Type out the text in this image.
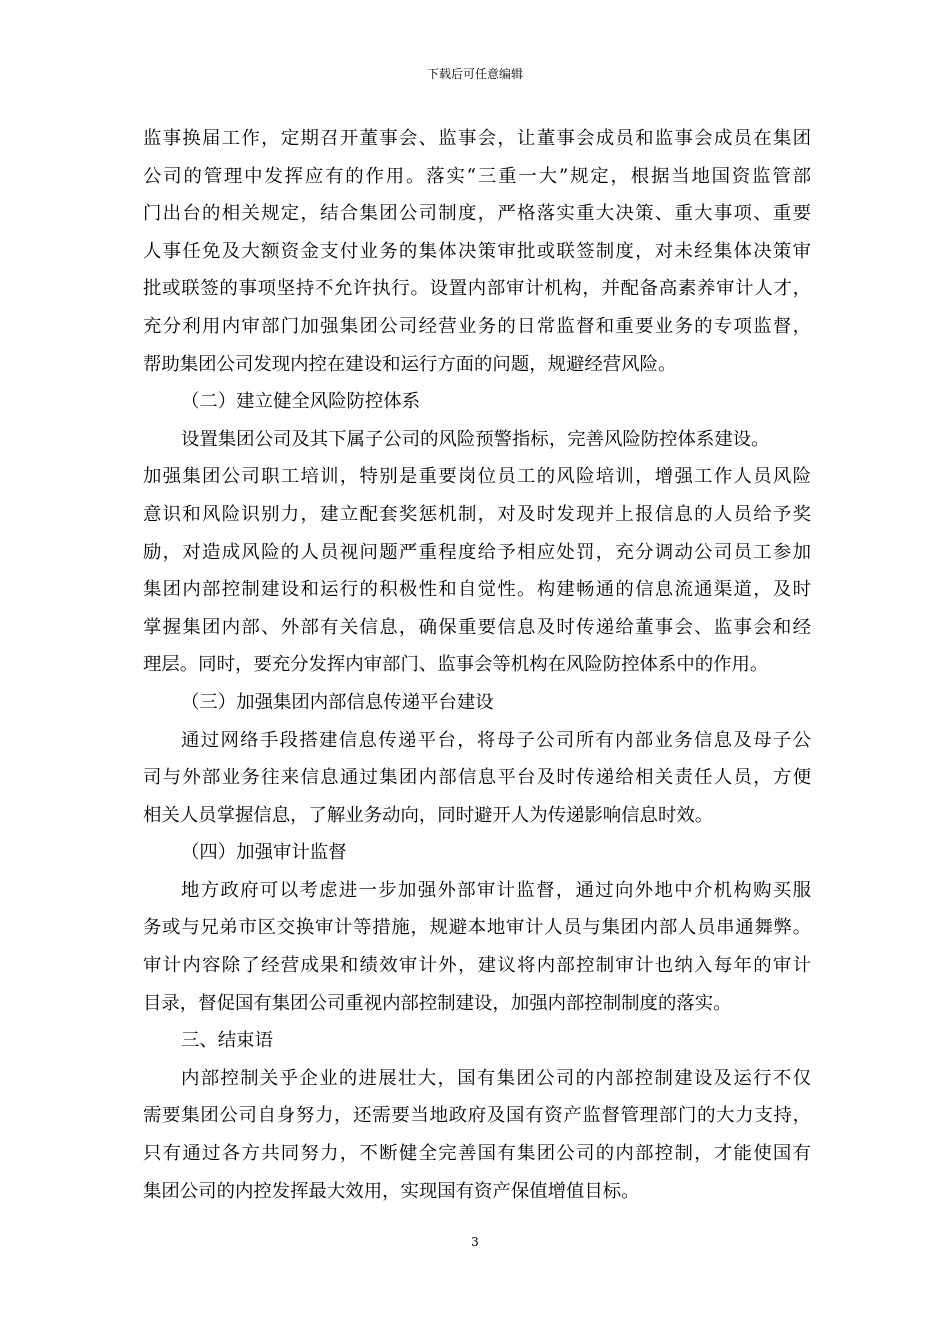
下载后可任意编辑
监事换届工作，定期召开董事会、监事会，让董事会成员和监事会成员在集团
公司的管理中发挥应有的作用。落实“三重一大”规定，根据当地国资监管部
门出台的相关规定，结合集团公司制度，严格落实重大决策、重大事项、重要
人事任免及大额资金支付业务的集体决策审批或联签制度，对未经集体决策审
批或联签的事项坚持不允许执行。设置内部审计机构，并配备高素养审计人才，
充分利用内审部门加强集团公司经营业务的日常监督和重要业务的专项监督，
帮助集团公司发现内控在建设和运行方面的问题，规避经营风险。
（二）建立健全风险防控体系
设置集团公司及其下属子公司的风险预警指标，完善风险防控体系建设。
加强集团公司职工培训，特别是重要岗位员工的风险培训，增强工作人员风险
意识和风险识别力，建立配套奖惩机制，对及时发现并上报信息的人员给予奖
励，对造成风险的人员视问题严重程度给予相应处罚，充分调动公司员工参加
集团内部控制建设和运行的积极性和自觉性。构建畅通的信息流通渠道，及时
掌握集团内部、外部有关信息，确保重要信息及时传递给董事会、监事会和经
理层。同时，要充分发挥内审部门、监事会等机构在风险防控体系中的作用。
（三）加强集团内部信息传递平台建设
通过网络手段搭建信息传递平台，将母子公司所有内部业务信息及母子公
司与外部业务往来信息通过集团内部信息平台及时传递给相关责任人员，方便
相关人员掌握信息，了解业务动向，同时避开人为传递影响信息时效。
（四）加强审计监督
地方政府可以考虑进一步加强外部审计监督，通过向外地中介机构购买服
务或与兄弟市区交换审计等措施，规避本地审计人员与集团内部人员串通舞弊。
审计内容除了经营成果和绩效审计外，建议将内部控制审计也纳入每年的审计
目录，督促国有集团公司重视内部控制建设，加强内部控制制度的落实。
三、结束语
内部控制关乎企业的进展壮大，国有集团公司的内部控制建设及运行不仅
需要集团公司自身努力，还需要当地政府及国有资产监督管理部门的大力支持，
只有通过各方共同努力，不断健全完善国有集团公司的内部控制，才能使国有
集团公司的内控发挥最大效用，实现国有资产保值增值目标。
3
